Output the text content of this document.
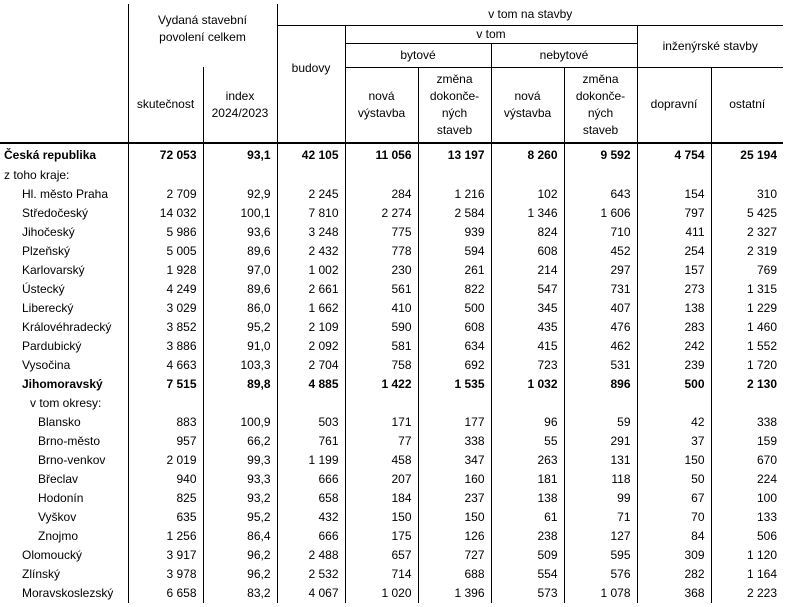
	Vydaná stavební povolení celkem		v tom na stavby						
			budovy	v tom				inženýrské stavby	
				bytové		nebytové			
	skutečnost	index 2024/2023		nová výstavba	změna dokonče-ných staveb	nová výstavba	změna dokonče-ných staveb	dopravní	ostatní
Česká republika	72 053	93,1	42 105	11 056	13 197	8 260	9 592	4 754	25 194
z toho kraje:									
Hl. město Praha	2 709	92,9	2 245	284	1 216	102	643	154	310
Středočeský	14 032	100,1	7 810	2 274	2 584	1 346	1 606	797	5 425
Jihočeský	5 986	93,6	3 248	775	939	824	710	411	2 327
Plzeňský	5 005	89,6	2 432	778	594	608	452	254	2 319
Karlovarský	1 928	97,0	1 002	230	261	214	297	157	769
Ústecký	4 249	89,6	2 661	561	822	547	731	273	1 315
Liberecký	3 029	86,0	1 662	410	500	345	407	138	1 229
Královéhradecký	3 852	95,2	2 109	590	608	435	476	283	1 460
Pardubický	3 886	91,0	2 092	581	634	415	462	242	1 552
Vysočina	4 663	103,3	2 704	758	692	723	531	239	1 720
Jihomoravský	7 515	89,8	4 885	1 422	1 535	1 032	896	500	2 130
v tom okresy:									
Blansko	883	100,9	503	171	177	96	59	42	338
Brno-město	957	66,2	761	77	338	55	291	37	159
Brno-venkov	2 019	99,3	1 199	458	347	263	131	150	670
Břeclav	940	93,3	666	207	160	181	118	50	224
Hodonín	825	93,2	658	184	237	138	99	67	100
Vyškov	635	95,2	432	150	150	61	71	70	133
Znojmo	1 256	86,4	666	175	126	238	127	84	506
Olomoucký	3 917	96,2	2 488	657	727	509	595	309	1 120
Zlínský	3 978	96,2	2 532	714	688	554	576	282	1 164
Moravskoslezský	6 658	83,2	4 067	1 020	1 396	573	1 078	368	2 223
